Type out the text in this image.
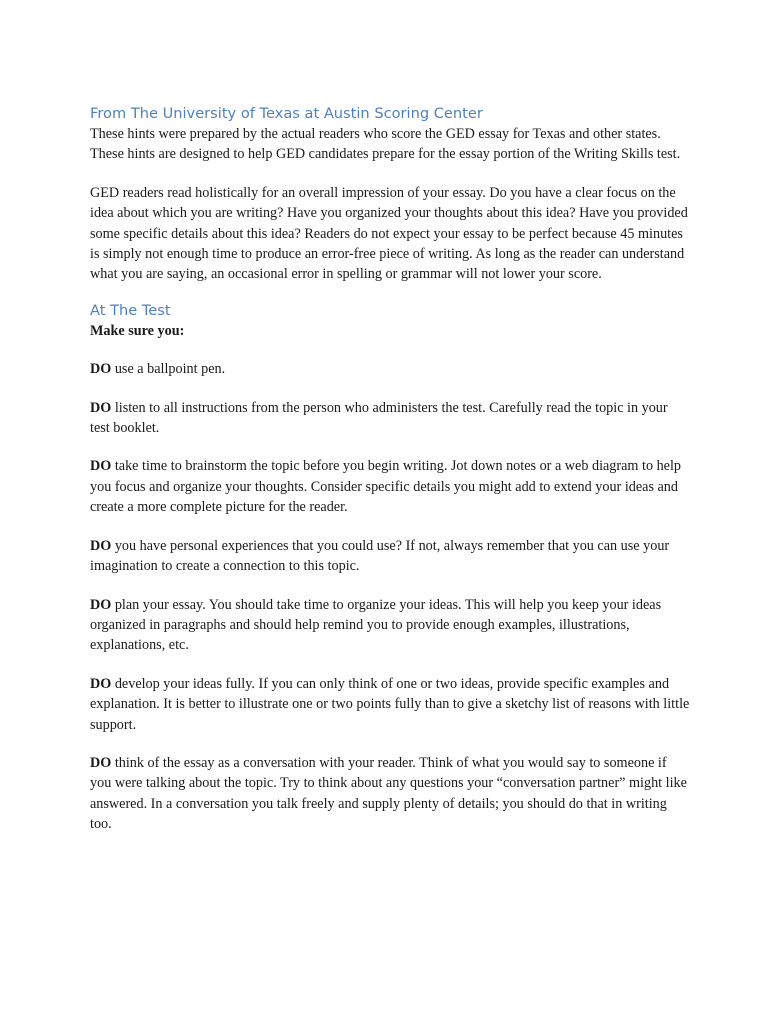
From The University of Texas at Austin Scoring Center

These hints were prepared by the actual readers who score the GED essay for Texas and other states. These hints are designed to help GED candidates prepare for the essay portion of the Writing Skills test.

GED readers read holistically for an overall impression of your essay. Do you have a clear focus on the idea about which you are writing? Have you organized your thoughts about this idea? Have you provided some specific details about this idea? Readers do not expect your essay to be perfect because 45 minutes is simply not enough time to produce an error-free piece of writing. As long as the reader can understand what you are saying, an occasional error in spelling or grammar will not lower your score.

At The Test

Make sure you:

DO use a ballpoint pen.

DO listen to all instructions from the person who administers the test. Carefully read the topic in your test booklet.

DO take time to brainstorm the topic before you begin writing. Jot down notes or a web diagram to help you focus and organize your thoughts. Consider specific details you might add to extend your ideas and create a more complete picture for the reader.

DO you have personal experiences that you could use? If not, always remember that you can use your imagination to create a connection to this topic.

DO plan your essay. You should take time to organize your ideas. This will help you keep your ideas organized in paragraphs and should help remind you to provide enough examples, illustrations, explanations, etc.

DO develop your ideas fully. If you can only think of one or two ideas, provide specific examples and explanation. It is better to illustrate one or two points fully than to give a sketchy list of reasons with little support.

DO think of the essay as a conversation with your reader. Think of what you would say to someone if you were talking about the topic. Try to think about any questions your “conversation partner” might like answered. In a conversation you talk freely and supply plenty of details; you should do that in writing too.
